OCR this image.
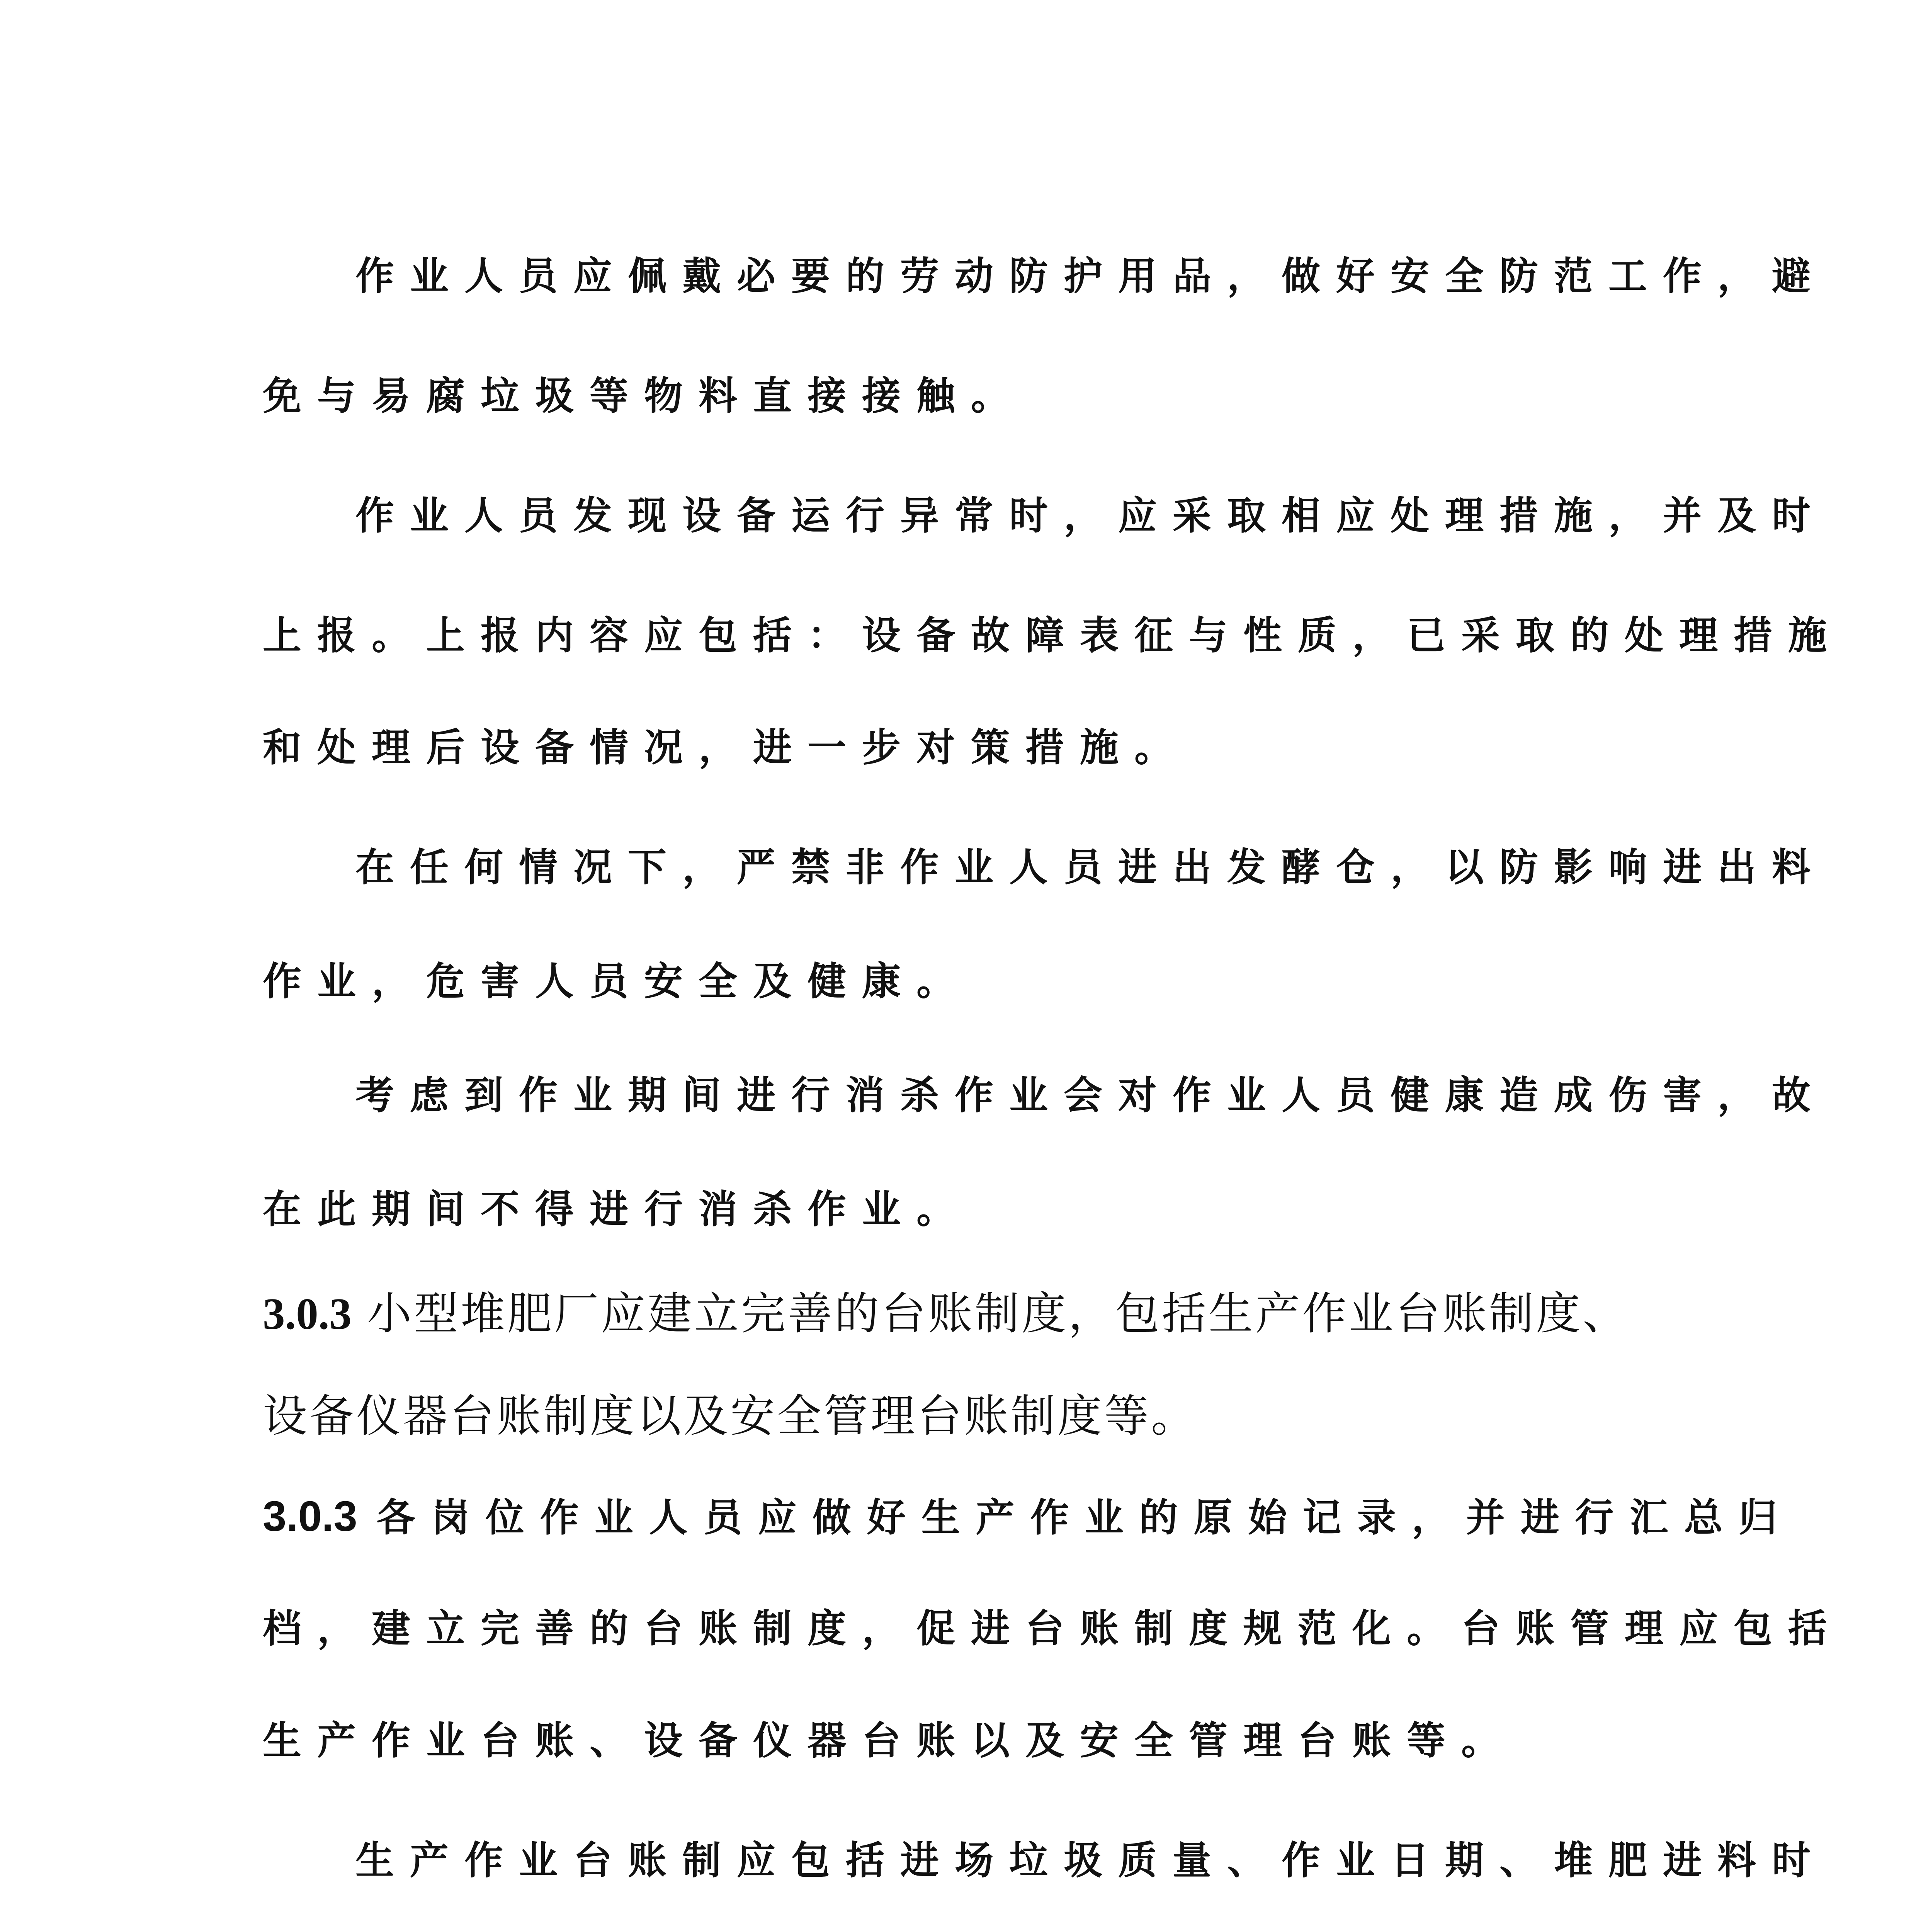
作业人员应佩戴必要的劳动防护用品，做好安全防范工作，避
免与易腐垃圾等物料直接接触。
作业人员发现设备运行异常时，应采取相应处理措施，并及时
上报。上报内容应包括：设备故障表征与性质，已采取的处理措施
和处理后设备情况，进一步对策措施。
在任何情况下，严禁非作业人员进出发酵仓，以防影响进出料
作业，危害人员安全及健康。
考虑到作业期间进行消杀作业会对作业人员健康造成伤害，故
在此期间不得进行消杀作业。
3.0.3 小型堆肥厂应建立完善的台账制度，包括生产作业台账制度、
设备仪器台账制度以及安全管理台账制度等。
3.0.3 各岗位作业人员应做好生产作业的原始记录，并进行汇总归
档，建立完善的台账制度，促进台账制度规范化。台账管理应包括
生产作业台账、设备仪器台账以及安全管理台账等。
生产作业台账制应包括进场垃圾质量、作业日期、堆肥进料时
